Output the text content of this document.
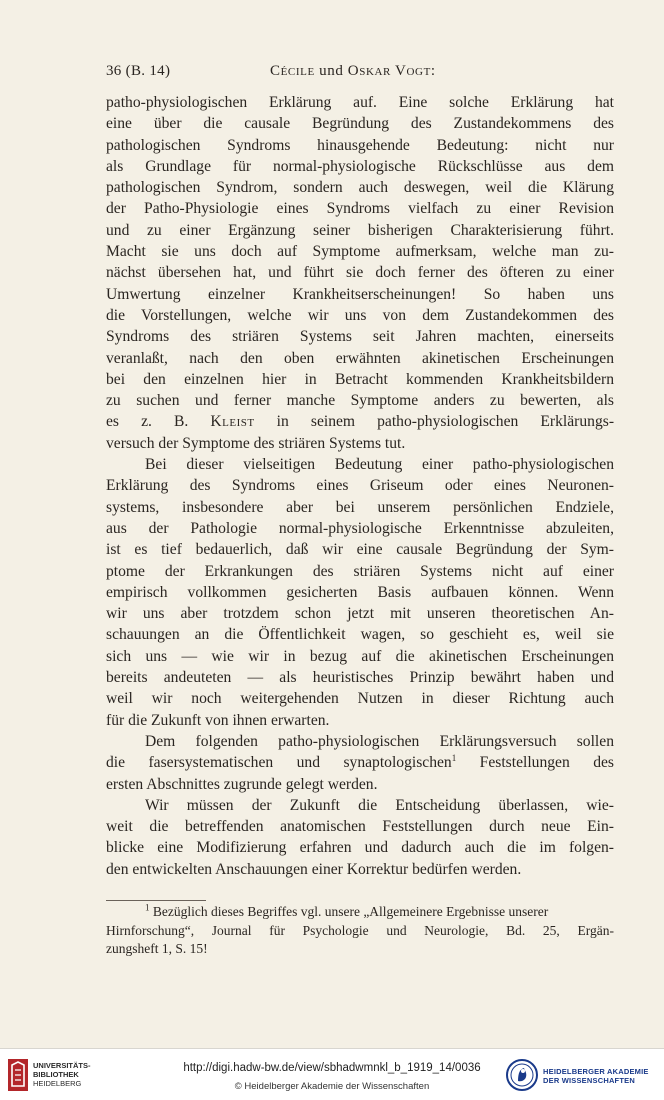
36 (B. 14)	Cécile und Oskar Vogt:

patho-physiologischen Erklärung auf. Eine solche Erklärung hat

eine über die causale Begründung des Zustandekommens des

pathologischen Syndroms hinausgehende Bedeutung: nicht nur

als Grundlage für normal-physiologische Rückschlüsse aus dem

pathologischen Syndrom, sondern auch deswegen, weil die Klärung

der Patho-Physiologie eines Syndroms vielfach zu einer Revision

und zu einer Ergänzung seiner bisherigen Charakterisierung führt.

Macht sie uns doch auf Symptome aufmerksam, welche man zu-

nächst übersehen hat, und führt sie doch ferner des öfteren zu einer

Umwertung einzelner Krankheitserscheinungen! So haben uns

die Vorstellungen, welche wir uns von dem Zustandekommen des

Syndroms des striären Systems seit Jahren machten, einerseits

veranlaßt, nach den oben erwähnten akinetischen Erscheinungen

bei den einzelnen hier in Betracht kommenden Krankheitsbildern

zu suchen und ferner manche Symptome anders zu bewerten, als

es z. B. Kleist in seinem patho-physiologischen Erklärungs-

versuch der Symptome des striären Systems tut.

Bei dieser vielseitigen Bedeutung einer patho-physiologischen

Erklärung des Syndroms eines Griseum oder eines Neuronen-

systems, insbesondere aber bei unserem persönlichen Endziele,

aus der Pathologie normal-physiologische Erkenntnisse abzuleiten,

ist es tief bedauerlich, daß wir eine causale Begründung der Sym-

ptome der Erkrankungen des striären Systems nicht auf einer

empirisch vollkommen gesicherten Basis aufbauen können. Wenn

wir uns aber trotzdem schon jetzt mit unseren theoretischen An-

schauungen an die Öffentlichkeit wagen, so geschieht es, weil sie

sich uns — wie wir in bezug auf die akinetischen Erscheinungen

bereits andeuteten — als heuristisches Prinzip bewährt haben und

weil wir noch weitergehenden Nutzen in dieser Richtung auch

für die Zukunft von ihnen erwarten.

Dem folgenden patho-physiologischen Erklärungsversuch sollen

die fasersystematischen und synaptologischen$^1$ Feststellungen des

ersten Abschnittes zugrunde gelegt werden.

Wir müssen der Zukunft die Entscheidung überlassen, wie-

weit die betreffenden anatomischen Feststellungen durch neue Ein-

blicke eine Modifizierung erfahren und dadurch auch die im folgen-

den entwickelten Anschauungen einer Korrektur bedürfen werden.

$^1$ Bezüglich dieses Begriffes vgl. unsere „Allgemeinere Ergebnisse unserer

Hirnforschung“, Journal für Psychologie und Neurologie, Bd. 25, Ergän-

zungsheft 1, S. 15!

UNIVERSITÄTS-
BIBLIOTHEK
HEIDELBERG
http://digi.hadw-bw.de/view/sbhadwmnkl_b_1919_14/0036
© Heidelberger Akademie der Wissenschaften
HEIDELBERGER AKADEMIE
DER WISSENSCHAFTEN
